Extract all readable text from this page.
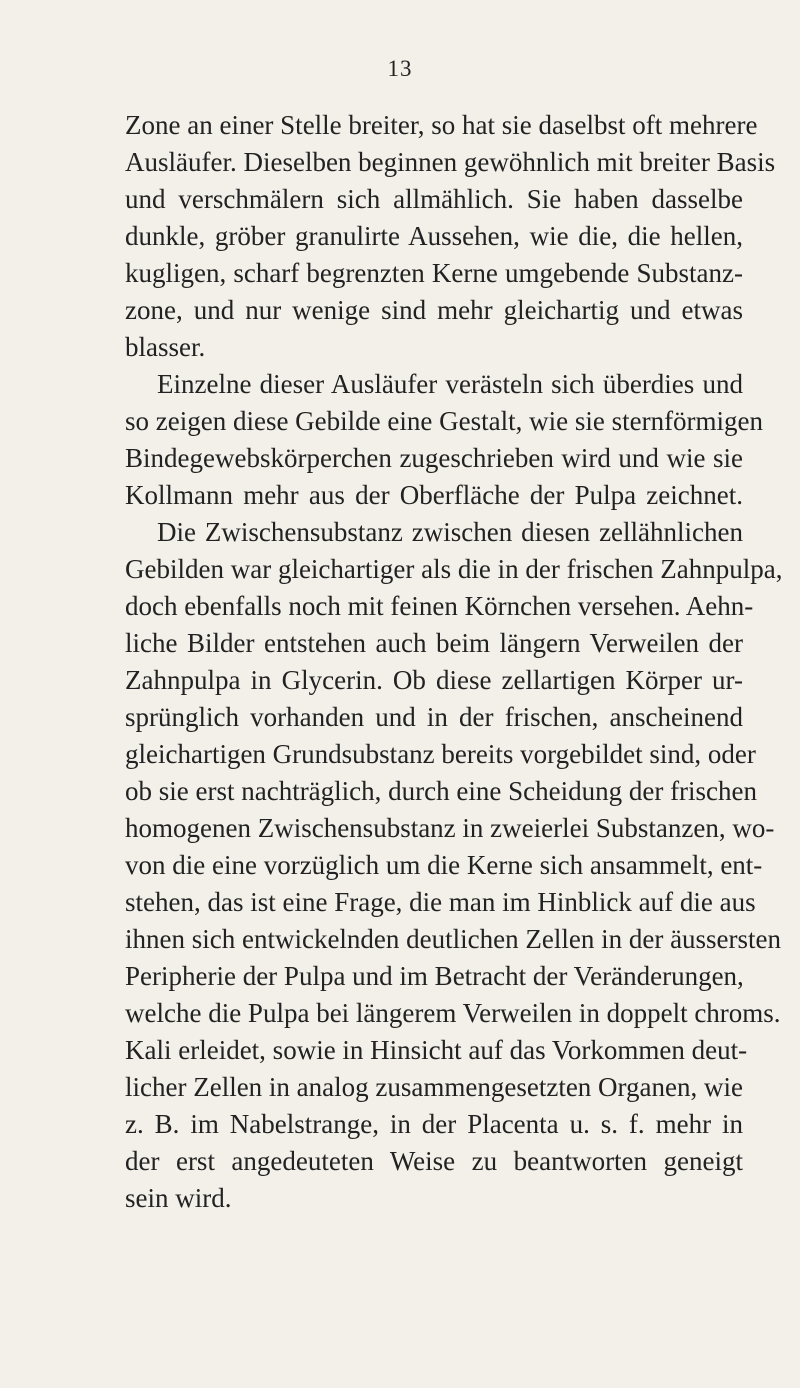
13
Zone an einer Stelle breiter, so hat sie daselbst oft mehrere
Ausläufer. Dieselben beginnen gewöhnlich mit breiter Basis
und verschmälern sich allmählich. Sie haben dasselbe
dunkle, gröber granulirte Aussehen, wie die, die hellen,
kugligen, scharf begrenzten Kerne umgebende Substanz-
zone, und nur wenige sind mehr gleichartig und etwas
blasser.
Einzelne dieser Ausläufer verästeln sich überdies und
so zeigen diese Gebilde eine Gestalt, wie sie sternförmigen
Bindegewebskörperchen zugeschrieben wird und wie sie
Kollmann mehr aus der Oberfläche der Pulpa zeichnet.
Die Zwischensubstanz zwischen diesen zellähnlichen
Gebilden war gleichartiger als die in der frischen Zahnpulpa,
doch ebenfalls noch mit feinen Körnchen versehen. Aehn-
liche Bilder entstehen auch beim längern Verweilen der
Zahnpulpa in Glycerin. Ob diese zellartigen Körper ur-
sprünglich vorhanden und in der frischen, anscheinend
gleichartigen Grundsubstanz bereits vorgebildet sind, oder
ob sie erst nachträglich, durch eine Scheidung der frischen
homogenen Zwischensubstanz in zweierlei Substanzen, wo-
von die eine vorzüglich um die Kerne sich ansammelt, ent-
stehen, das ist eine Frage, die man im Hinblick auf die aus
ihnen sich entwickelnden deutlichen Zellen in der äussersten
Peripherie der Pulpa und im Betracht der Veränderungen,
welche die Pulpa bei längerem Verweilen in doppelt chroms.
Kali erleidet, sowie in Hinsicht auf das Vorkommen deut-
licher Zellen in analog zusammengesetzten Organen, wie
z. B. im Nabelstrange, in der Placenta u. s. f. mehr in
der erst angedeuteten Weise zu beantworten geneigt
sein wird.
